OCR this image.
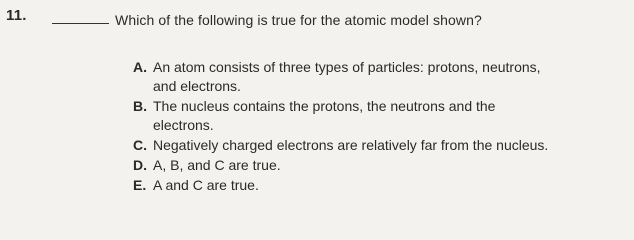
11.	Which of the following is true for the atomic model shown?
A. An atom consists of three types of particles: protons, neutrons,
and electrons.
B. The nucleus contains the protons, the neutrons and the
electrons.
C. Negatively charged electrons are relatively far from the nucleus.
D. A, B, and C are true.
E. A and C are true.
